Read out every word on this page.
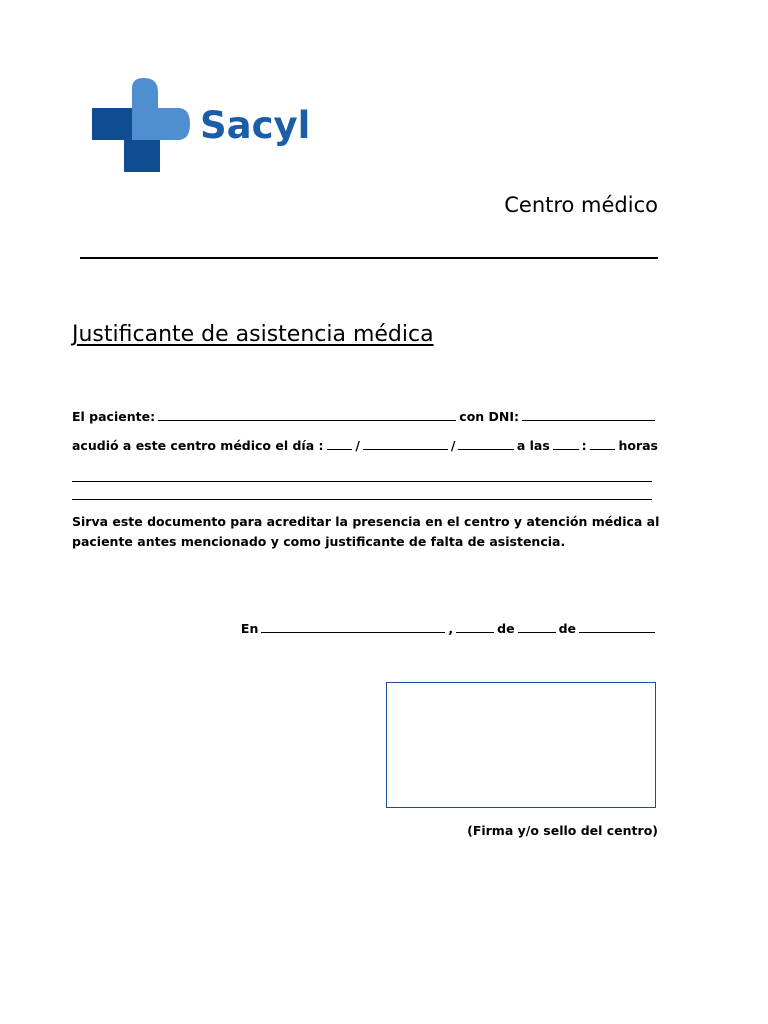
Sacyl
Centro médico
Justificante de asistencia médica
El paciente:	con DNI:
acudió a este centro médico el día :	/	/	a las	:	horas
Sirva este documento para acreditar la presencia en el centro y atención médica al paciente antes mencionado y como justificante de falta de asistencia.
En	,	de	de
(Firma y/o sello del centro)
